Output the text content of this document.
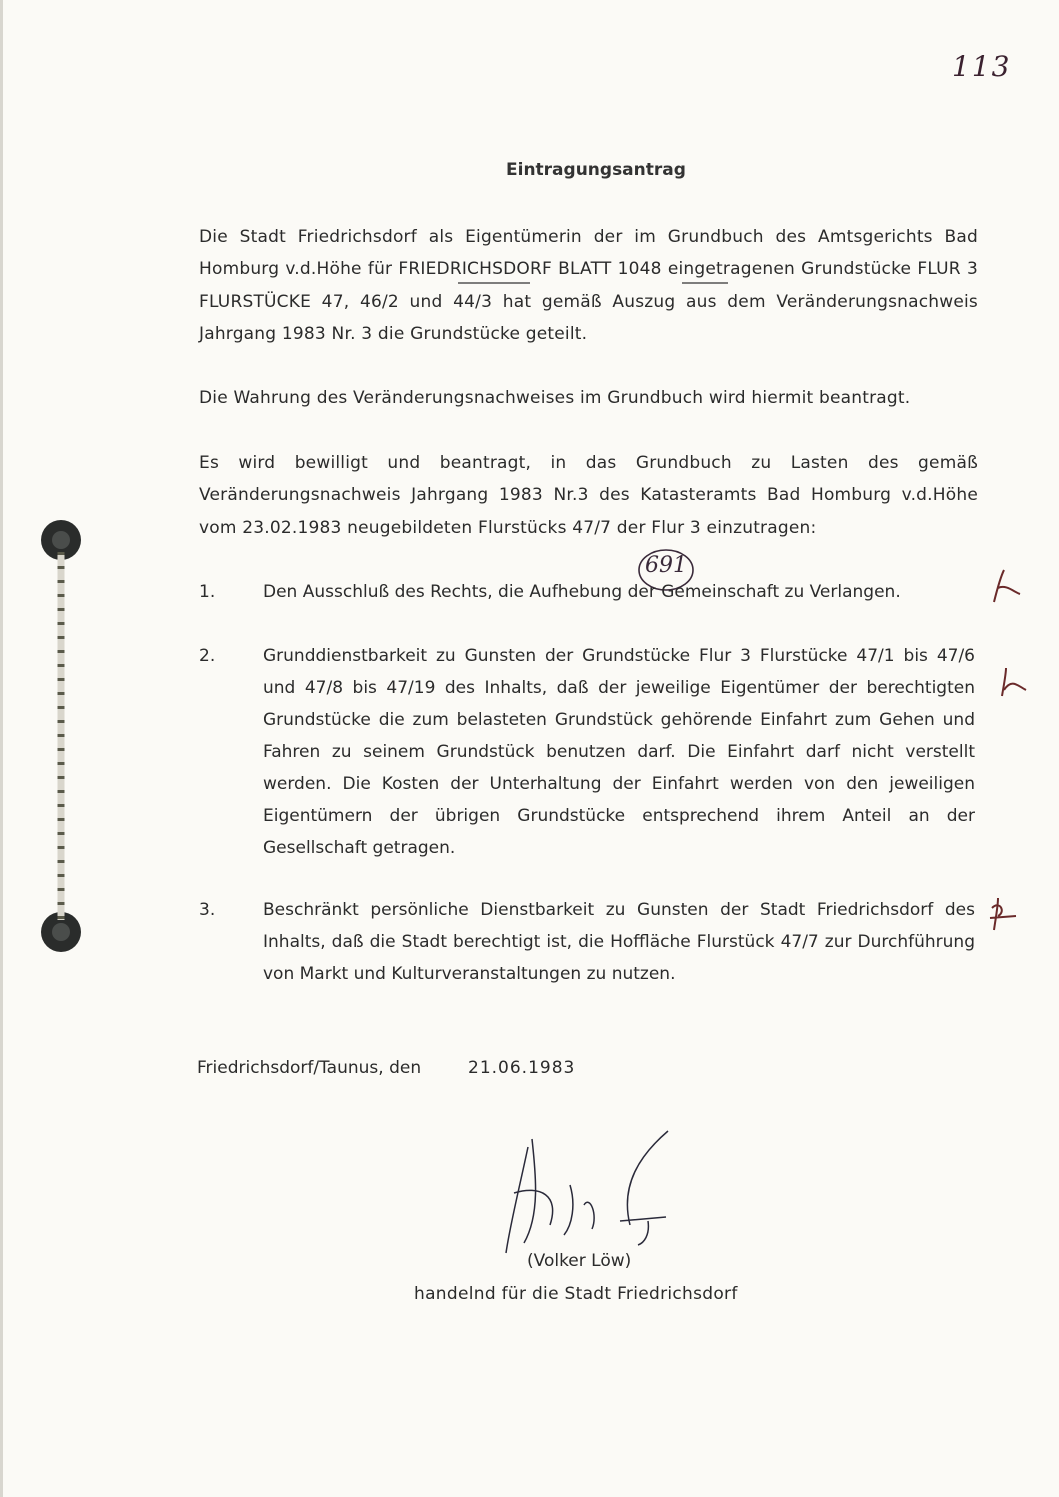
113
Eintragungsantrag
Die Stadt Friedrichsdorf als Eigentümerin der im Grundbuch des Amtsgerichts Bad Homburg v.d.Höhe für FRIEDRICHSDORF BLATT 1048 eingetragenen Grundstücke FLUR 3 FLURSTÜCKE 47, 46/2 und 44/3 hat gemäß Auszug aus dem Veränderungsnachweis Jahrgang 1983 Nr. 3 die Grundstücke geteilt.
Die Wahrung des Veränderungsnachweises im Grundbuch wird hiermit beantragt.
Es wird bewilligt und beantragt, in das Grundbuch zu Lasten des gemäß Veränderungsnachweis Jahrgang 1983 Nr.3 des Katasteramts Bad Homburg v.d.Höhe vom 23.02.1983 neugebildeten Flurstücks 47/7 der Flur 3 einzutragen:
691
1.	Den Ausschluß des Rechts, die Aufhebung der Gemeinschaft zu Verlangen.
2.	Grunddienstbarkeit zu Gunsten der Grundstücke Flur 3 Flurstücke 47/1 bis 47/6 und 47/8 bis 47/19 des Inhalts, daß der jeweilige Eigentümer der berechtigten Grundstücke die zum belasteten Grundstück gehörende Einfahrt zum Gehen und Fahren zu seinem Grundstück benutzen darf. Die Einfahrt darf nicht verstellt werden. Die Kosten der Unterhaltung der Einfahrt werden von den jeweiligen Eigentümern der übrigen Grundstücke entsprechend ihrem Anteil an der Gesellschaft getragen.
3.	Beschränkt persönliche Dienstbarkeit zu Gunsten der Stadt Friedrichsdorf des Inhalts, daß die Stadt berechtigt ist, die Hoffläche Flurstück 47/7 zur Durchführung von Markt und Kulturveranstaltungen zu nutzen.
Friedrichsdorf/Taunus, den	21.06.1983
(Volker Löw)
handelnd für die Stadt Friedrichsdorf
